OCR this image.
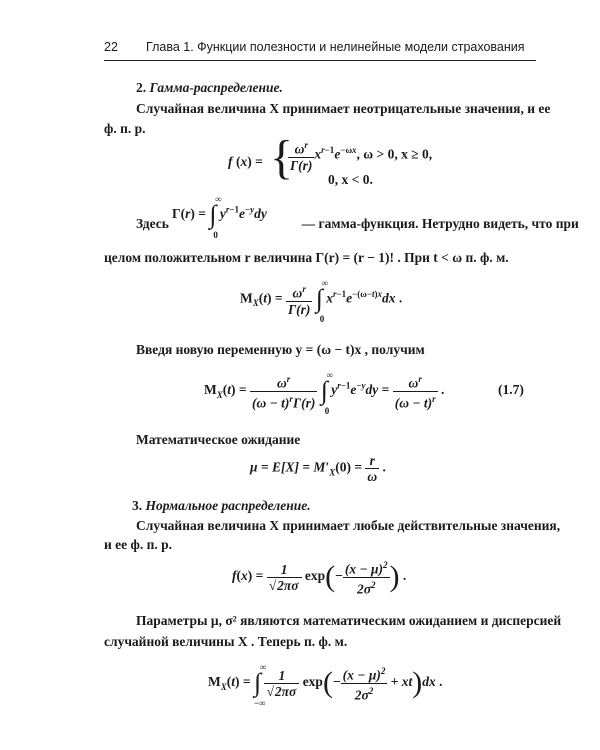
22 Глава 1. Функции полезности и нелинейные модели страхования
2. Гамма-распределение.
Случайная величина X принимает неотрицательные значения, и ее
ф. п. р.
f (x) = {
$\frac{\omega^r}{\Gamma(r)} x^{r-1}e^{-\omega x}$, ω > 0, x ≥ 0,
0, x < 0.
Здесь	— гамма-функция. Нетрудно видеть, что при
Γ(r) = ∫
∞
0
$y^{r-1}e^{-y}dy$
целом положительном r величина Γ(r) = (r − 1)! . При t < ω п. ф. м.
$M_X(t) = \frac{\omega^r}{\Gamma(r)}$ ∫
∞
0
$x^{r-1}e^{-(\omega-t)x}dx$ .
Введя новую переменную y = (ω − t)x , получим
$M_X(t) = \frac{\omega^r}{(\omega - t)^r\Gamma(r)}$ ∫
∞
0
$y^{r-1}e^{-y}dy = \frac{\omega^r}{(\omega - t)^r}$ .	(1.7)
Математическое ожидание
$\mu = E[X] = M'_X(0) = \frac{r}{\omega}$ .
3. Нормальное распределение.
Случайная величина X принимает любые действительные значения,
и ее ф. п. р.
$f(x) = \frac{1}{√2\pi\sigma} \exp(- \frac{(x - \mu)^2}{2\sigma^2}$ ) .
Параметры μ, σ² являются математическим ожиданием и дисперсией
случайной величины X . Теперь п. ф. м.
$M_X(t)$ = ∫
∞
−∞

$\frac{1}{√2\pi\sigma} \exp(- \frac{(x - \mu)^2}{2\sigma^2} + xt)dx$ .
